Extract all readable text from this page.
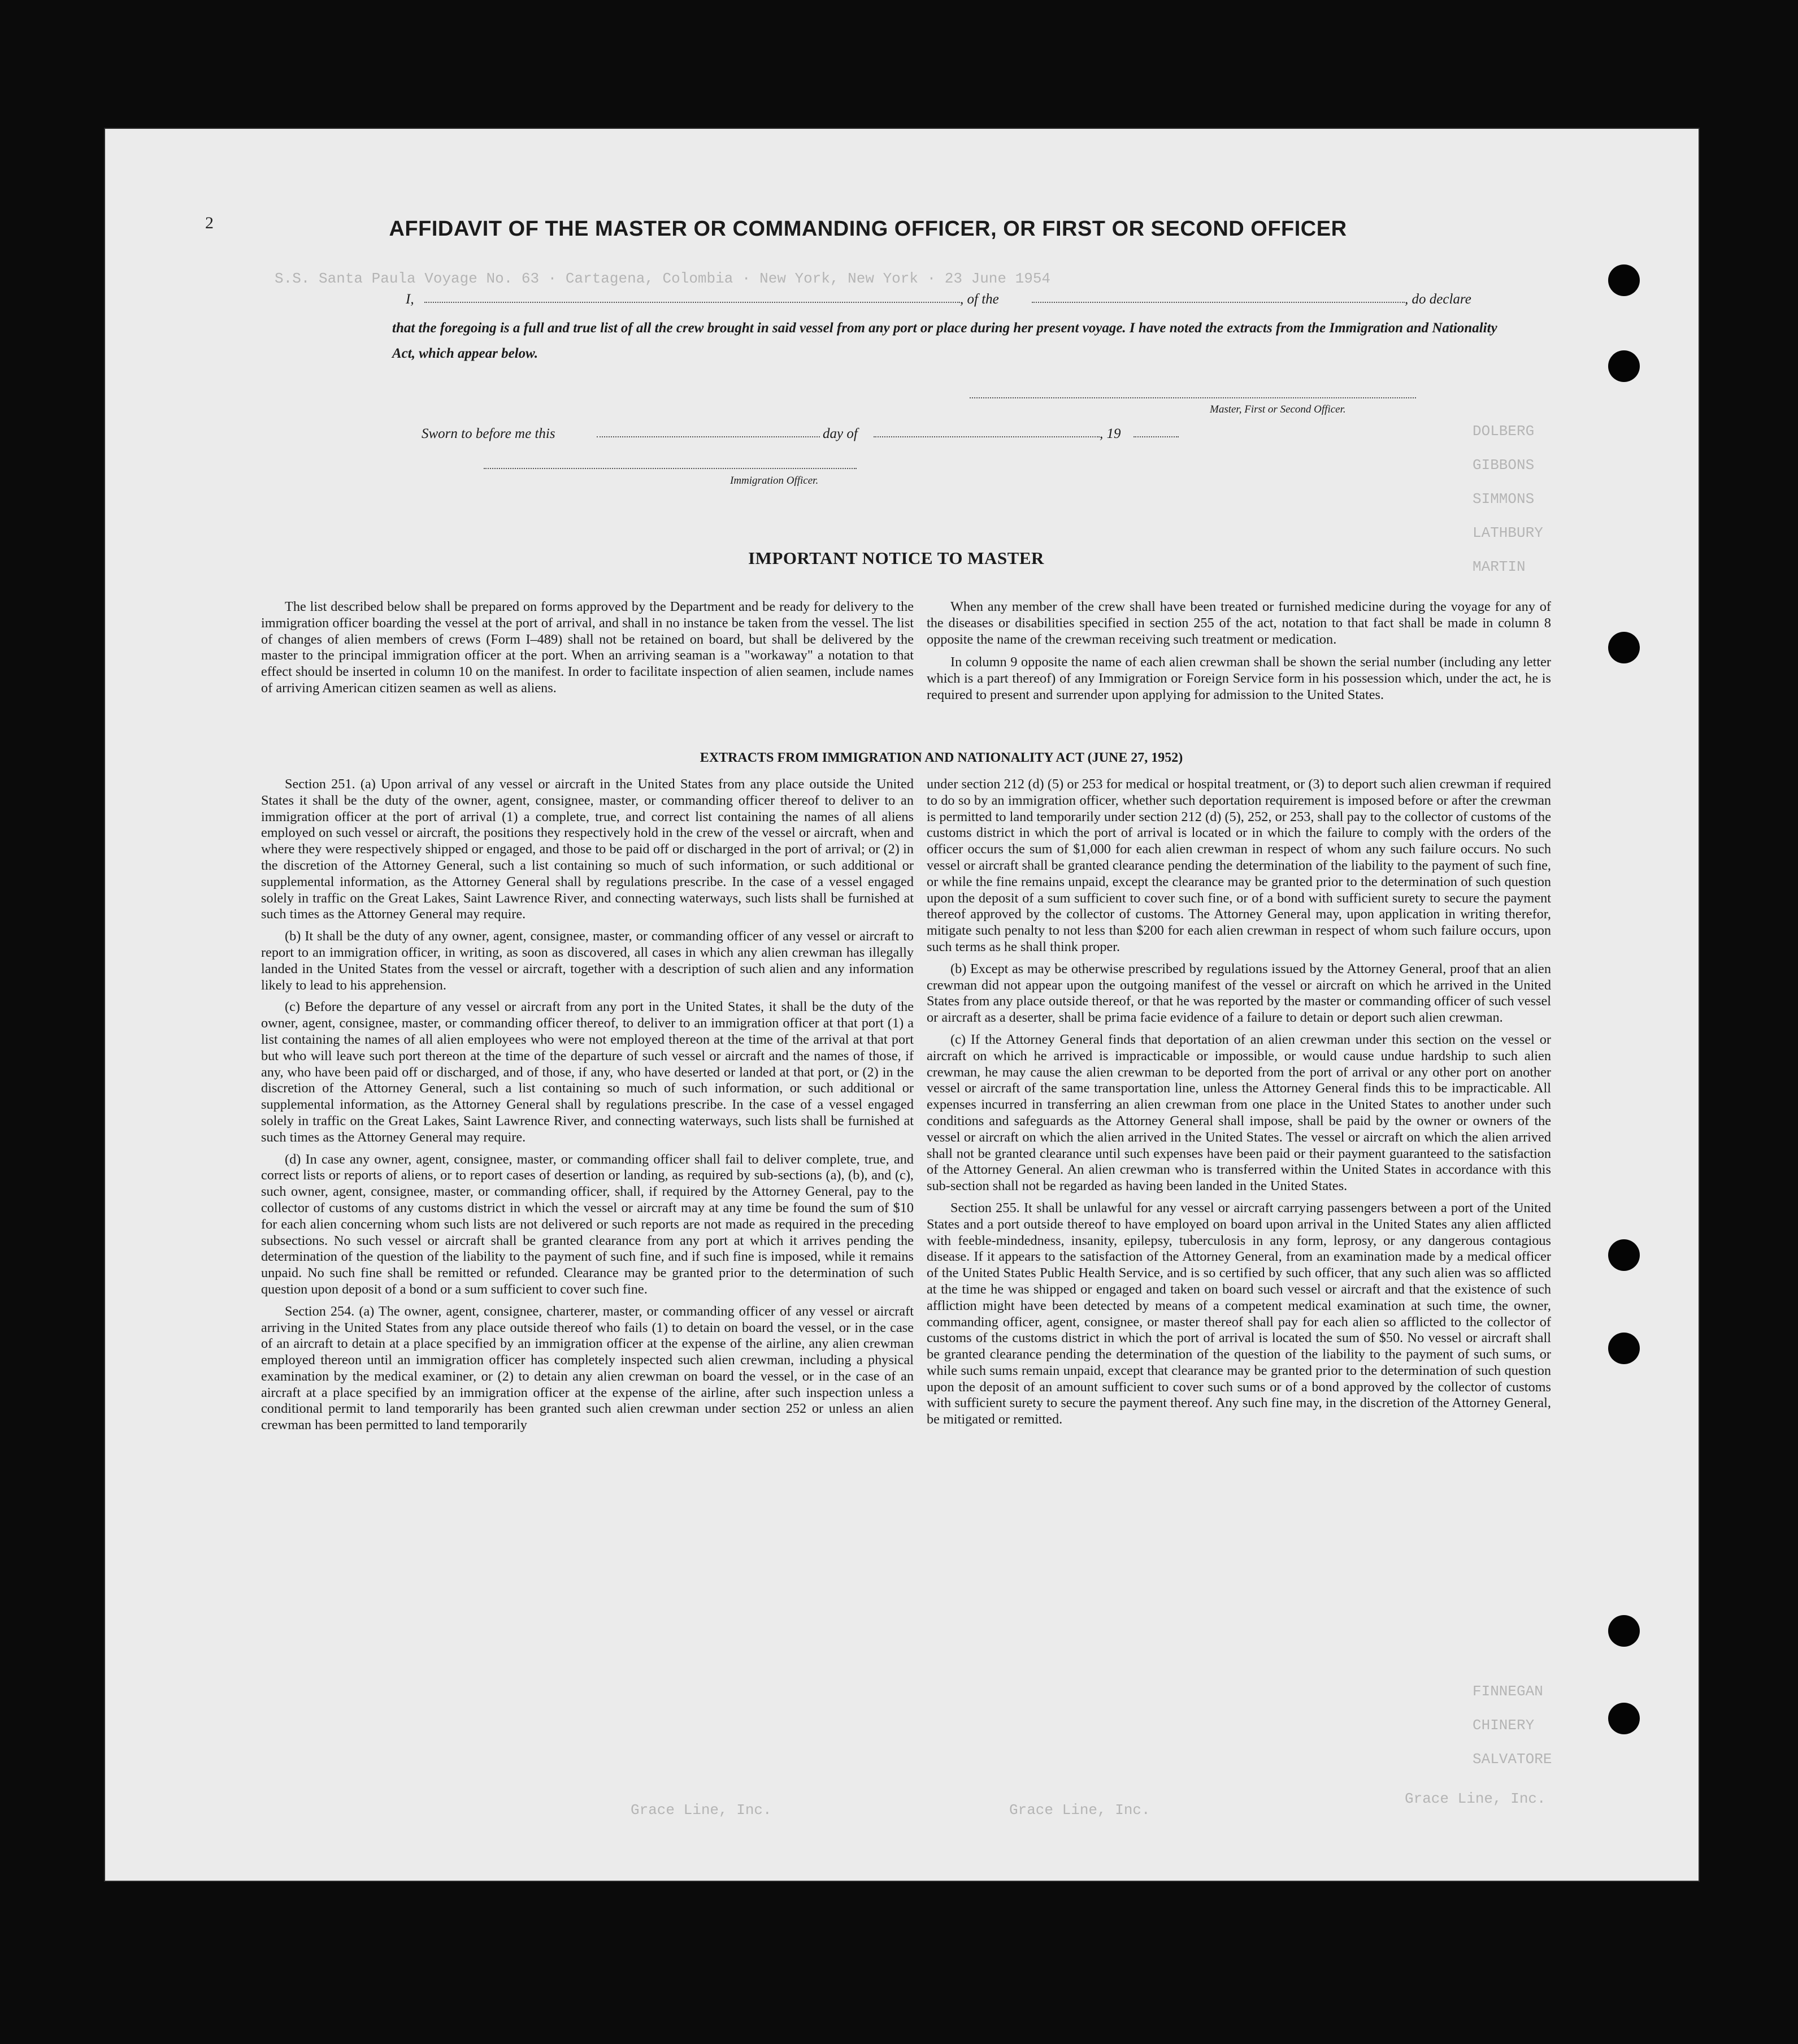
S.S. Santa Paula Voyage No. 63 · Cartagena, Colombia · New York, New York · 23 June 1954
DOLBERG
GIBBONS
SIMMONS
LATHBURY
MARTIN
FINNEGAN
CHINERY
SALVATORE
Grace Line, Inc.	Grace Line, Inc.
Grace Line, Inc.
2	AFFIDAVIT OF THE MASTER OR COMMANDING OFFICER, OR FIRST OR SECOND OFFICER
I,	, of the	, do declare
that the foregoing is a full and true list of all the crew brought in said vessel from any port or place during her present voyage. I have noted the extracts from the Immigration and Nationality Act, which appear below.
Master, First or Second Officer.
Sworn to before me this	day of	, 19
Immigration Officer.
IMPORTANT NOTICE TO MASTER

The list described below shall be prepared on forms approved by the Department and be ready for delivery to the immigration officer boarding the vessel at the port of arrival, and shall in no instance be taken from the vessel. The list of changes of alien members of crews (Form I–489) shall not be retained on board, but shall be delivered by the master to the principal immigration officer at the port. When an arriving seaman is a "workaway" a notation to that effect should be inserted in column 10 on the manifest. In order to facilitate inspection of alien seamen, include names of arriving American citizen seamen as well as aliens.

When any member of the crew shall have been treated or furnished medicine during the voyage for any of the diseases or disabilities specified in section 255 of the act, notation to that fact shall be made in column 8 opposite the name of the crewman receiving such treatment or medication.

In column 9 opposite the name of each alien crewman shall be shown the serial number (including any letter which is a part thereof) of any Immigration or Foreign Service form in his possession which, under the act, he is required to present and surrender upon applying for admission to the United States.

EXTRACTS FROM IMMIGRATION AND NATIONALITY ACT (JUNE 27, 1952)

Section 251. (a) Upon arrival of any vessel or aircraft in the United States from any place outside the United States it shall be the duty of the owner, agent, consignee, master, or commanding officer thereof to deliver to an immigration officer at the port of arrival (1) a complete, true, and correct list containing the names of all aliens employed on such vessel or aircraft, the positions they respectively hold in the crew of the vessel or aircraft, when and where they were respectively shipped or engaged, and those to be paid off or discharged in the port of arrival; or (2) in the discretion of the Attorney General, such a list containing so much of such information, or such additional or supplemental information, as the Attorney General shall by regulations prescribe. In the case of a vessel engaged solely in traffic on the Great Lakes, Saint Lawrence River, and connecting waterways, such lists shall be furnished at such times as the Attorney General may require.

(b) It shall be the duty of any owner, agent, consignee, master, or commanding officer of any vessel or aircraft to report to an immigration officer, in writing, as soon as discovered, all cases in which any alien crewman has illegally landed in the United States from the vessel or aircraft, together with a description of such alien and any information likely to lead to his apprehension.

(c) Before the departure of any vessel or aircraft from any port in the United States, it shall be the duty of the owner, agent, consignee, master, or commanding officer thereof, to deliver to an immigration officer at that port (1) a list containing the names of all alien employees who were not employed thereon at the time of the arrival at that port but who will leave such port thereon at the time of the departure of such vessel or aircraft and the names of those, if any, who have been paid off or discharged, and of those, if any, who have deserted or landed at that port, or (2) in the discretion of the Attorney General, such a list containing so much of such information, or such additional or supplemental information, as the Attorney General shall by regulations prescribe. In the case of a vessel engaged solely in traffic on the Great Lakes, Saint Lawrence River, and connecting waterways, such lists shall be furnished at such times as the Attorney General may require.

(d) In case any owner, agent, consignee, master, or commanding officer shall fail to deliver complete, true, and correct lists or reports of aliens, or to report cases of desertion or landing, as required by sub-sections (a), (b), and (c), such owner, agent, consignee, master, or commanding officer, shall, if required by the Attorney General, pay to the collector of customs of any customs district in which the vessel or aircraft may at any time be found the sum of $10 for each alien concerning whom such lists are not delivered or such reports are not made as required in the preceding subsections. No such vessel or aircraft shall be granted clearance from any port at which it arrives pending the determination of the question of the liability to the payment of such fine, and if such fine is imposed, while it remains unpaid. No such fine shall be remitted or refunded. Clearance may be granted prior to the determination of such question upon deposit of a bond or a sum sufficient to cover such fine.

Section 254. (a) The owner, agent, consignee, charterer, master, or commanding officer of any vessel or aircraft arriving in the United States from any place outside thereof who fails (1) to detain on board the vessel, or in the case of an aircraft to detain at a place specified by an immigration officer at the expense of the airline, any alien crewman employed thereon until an immigration officer has completely inspected such alien crewman, including a physical examination by the medical examiner, or (2) to detain any alien crewman on board the vessel, or in the case of an aircraft at a place specified by an immigration officer at the expense of the airline, after such inspection unless a conditional permit to land temporarily has been granted such alien crewman under section 252 or unless an alien crewman has been permitted to land temporarily

under section 212 (d) (5) or 253 for medical or hospital treatment, or (3) to deport such alien crewman if required to do so by an immigration officer, whether such deportation requirement is imposed before or after the crewman is permitted to land temporarily under section 212 (d) (5), 252, or 253, shall pay to the collector of customs of the customs district in which the port of arrival is located or in which the failure to comply with the orders of the officer occurs the sum of $1,000 for each alien crewman in respect of whom any such failure occurs. No such vessel or aircraft shall be granted clearance pending the determination of the liability to the payment of such fine, or while the fine remains unpaid, except the clearance may be granted prior to the determination of such question upon the deposit of a sum sufficient to cover such fine, or of a bond with sufficient surety to secure the payment thereof approved by the collector of customs. The Attorney General may, upon application in writing therefor, mitigate such penalty to not less than $200 for each alien crewman in respect of whom such failure occurs, upon such terms as he shall think proper.

(b) Except as may be otherwise prescribed by regulations issued by the Attorney General, proof that an alien crewman did not appear upon the outgoing manifest of the vessel or aircraft on which he arrived in the United States from any place outside thereof, or that he was reported by the master or commanding officer of such vessel or aircraft as a deserter, shall be prima facie evidence of a failure to detain or deport such alien crewman.

(c) If the Attorney General finds that deportation of an alien crewman under this section on the vessel or aircraft on which he arrived is impracticable or impossible, or would cause undue hardship to such alien crewman, he may cause the alien crewman to be deported from the port of arrival or any other port on another vessel or aircraft of the same transportation line, unless the Attorney General finds this to be impracticable. All expenses incurred in transferring an alien crewman from one place in the United States to another under such conditions and safeguards as the Attorney General shall impose, shall be paid by the owner or owners of the vessel or aircraft on which the alien arrived in the United States. The vessel or aircraft on which the alien arrived shall not be granted clearance until such expenses have been paid or their payment guaranteed to the satisfaction of the Attorney General. An alien crewman who is transferred within the United States in accordance with this sub-section shall not be regarded as having been landed in the United States.

Section 255. It shall be unlawful for any vessel or aircraft carrying passengers between a port of the United States and a port outside thereof to have employed on board upon arrival in the United States any alien afflicted with feeble-mindedness, insanity, epilepsy, tuberculosis in any form, leprosy, or any dangerous contagious disease. If it appears to the satisfaction of the Attorney General, from an examination made by a medical officer of the United States Public Health Service, and is so certified by such officer, that any such alien was so afflicted at the time he was shipped or engaged and taken on board such vessel or aircraft and that the existence of such affliction might have been detected by means of a competent medical examination at such time, the owner, commanding officer, agent, consignee, or master thereof shall pay for each alien so afflicted to the collector of customs of the customs district in which the port of arrival is located the sum of $50. No vessel or aircraft shall be granted clearance pending the determination of the question of the liability to the payment of such sums, or while such sums remain unpaid, except that clearance may be granted prior to the determination of such question upon the deposit of an amount sufficient to cover such sums or of a bond approved by the collector of customs with sufficient surety to secure the payment thereof. Any such fine may, in the discretion of the Attorney General, be mitigated or remitted.
